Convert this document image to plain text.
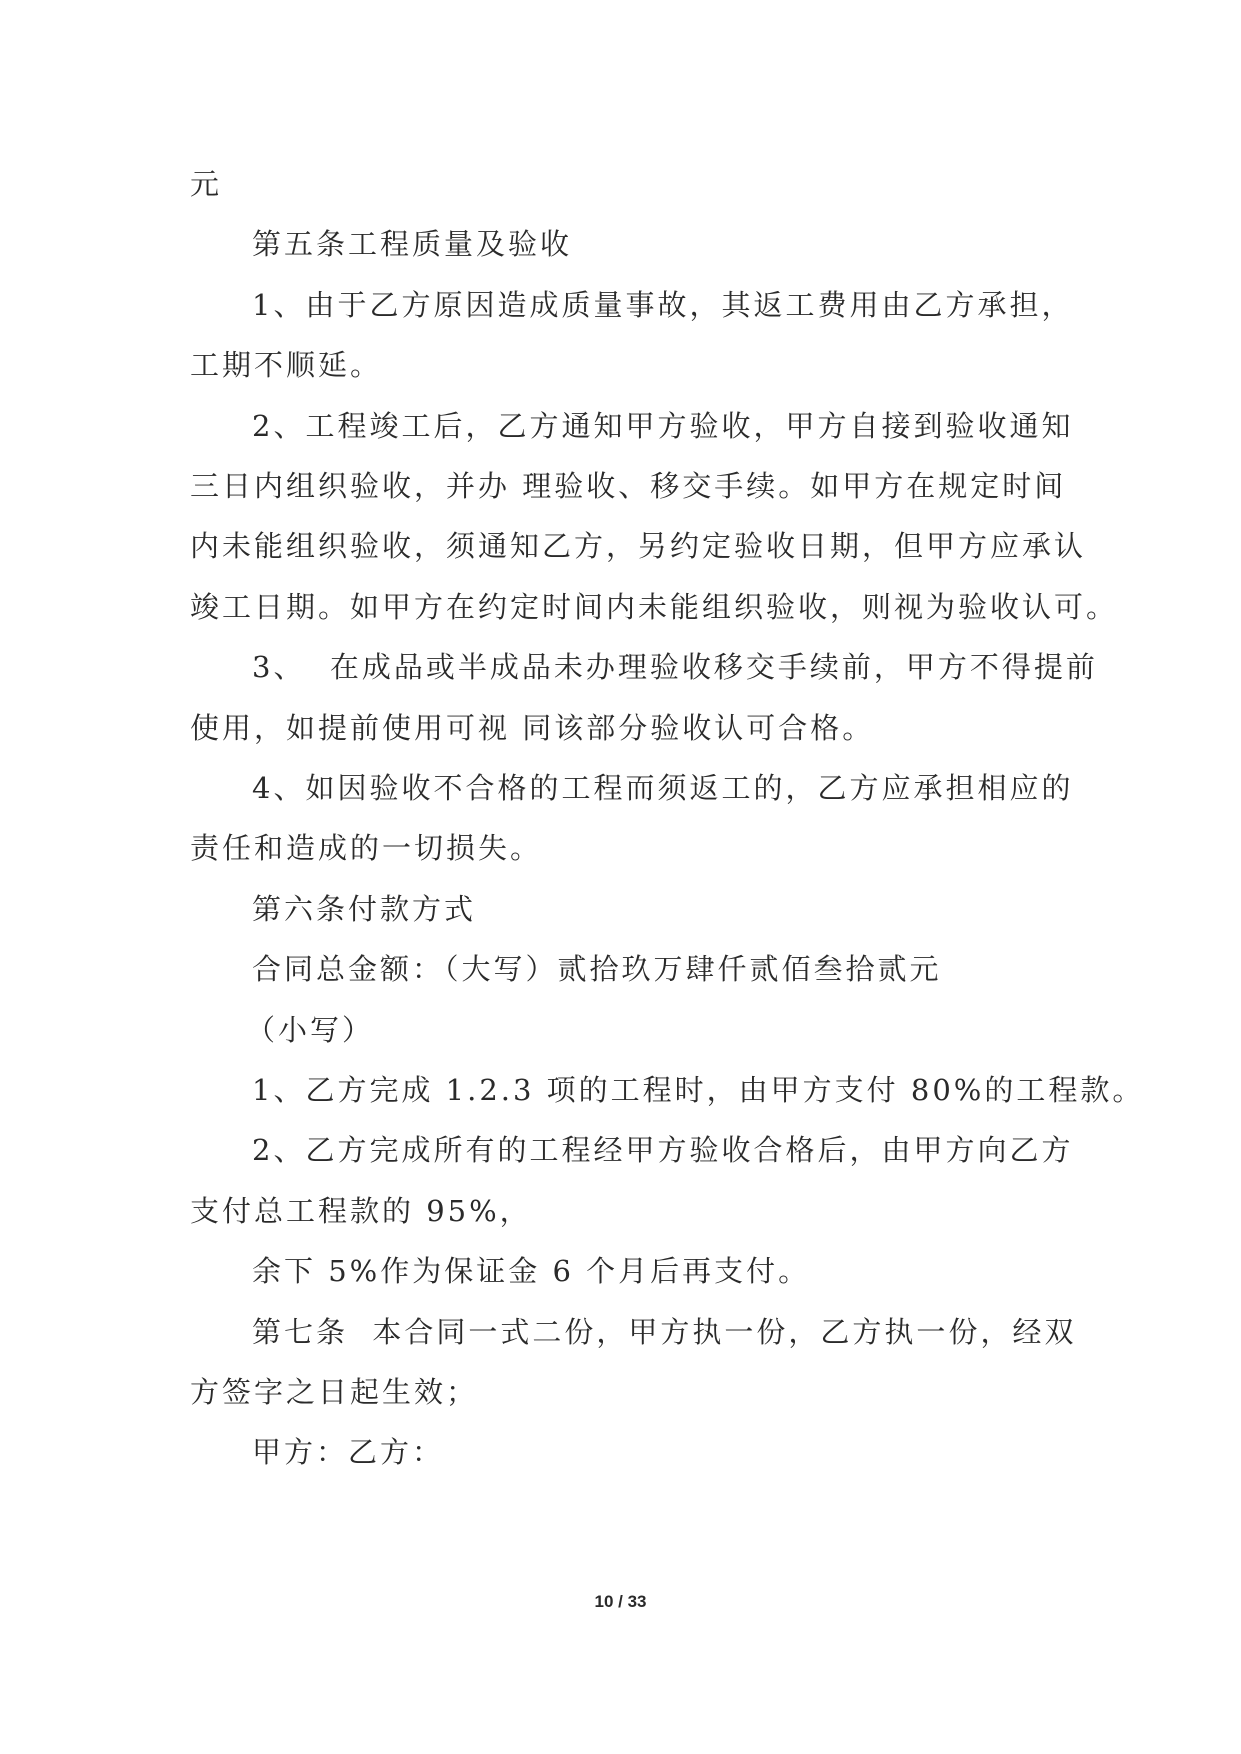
元

第五条工程质量及验收

1、由于乙方原因造成质量事故，其返工费用由乙方承担，

工期不顺延。

2、工程竣工后，乙方通知甲方验收，甲方自接到验收通知

三日内组织验收，并办 理验收、移交手续。如甲方在规定时间

内未能组织验收，须通知乙方，另约定验收日期，但甲方应承认

竣工日期。如甲方在约定时间内未能组织验收，则视为验收认可。

3、  在成品或半成品未办理验收移交手续前，甲方不得提前

使用，如提前使用可视 同该部分验收认可合格。

4、如因验收不合格的工程而须返工的，乙方应承担相应的

责任和造成的一切损失。

第六条付款方式

合同总金额：（大写）贰拾玖万肆仟贰佰叁拾贰元

（小写）

1、乙方完成 1.2.3 项的工程时，由甲方支付 80%的工程款。

2、乙方完成所有的工程经甲方验收合格后，由甲方向乙方

支付总工程款的 95%，

余下 5%作为保证金 6 个月后再支付。

第七条  本合同一式二份，甲方执一份，乙方执一份，经双

方签字之日起生效；

甲方：乙方：

10 / 33
